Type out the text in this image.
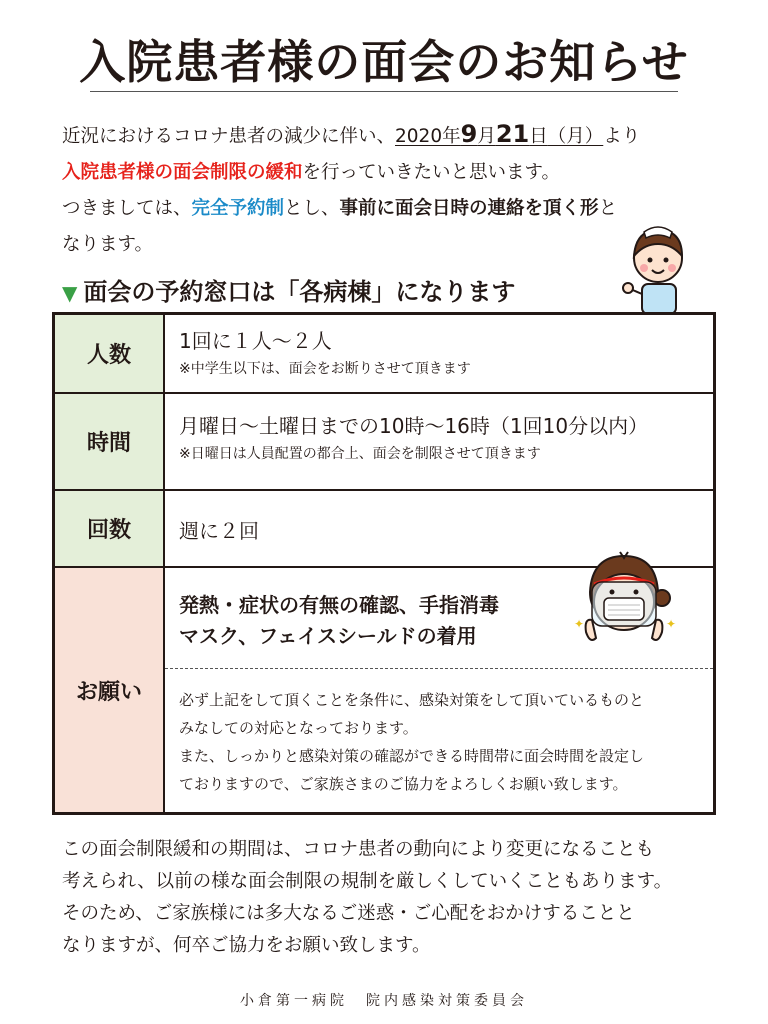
入院患者様の面会のお知らせ
近況におけるコロナ患者の減少に伴い、2020年9月21日（月）より
入院患者様の面会制限の緩和を行っていきたいと思います。
つきましては、完全予約制とし、事前に面会日時の連絡を頂く形と
なります。
▼ 面会の予約窓口は「各病棟」になります
人数
1回に１人～２人
※中学生以下は、面会をお断りさせて頂きます
時間
月曜日～土曜日までの10時～16時（1回10分以内）
※日曜日は人員配置の都合上、面会を制限させて頂きます
回数	週に２回
お願い
発熱・症状の有無の確認、手指消毒
マスク、フェイスシールドの着用
必ず上記をして頂くことを条件に、感染対策をして頂いているものと
みなしての対応となっております。
また、しっかりと感染対策の確認ができる時間帯に面会時間を設定し
ておりますので、ご家族さまのご協力をよろしくお願い致します。
✦	✦
この面会制限緩和の期間は、コロナ患者の動向により変更になることも
考えられ、以前の様な面会制限の規制を厳しくしていくこともあります。
そのため、ご家族様には多大なるご迷惑・ご心配をおかけすることと
なりますが、何卒ご協力をお願い致します。
小倉第一病院　院内感染対策委員会
